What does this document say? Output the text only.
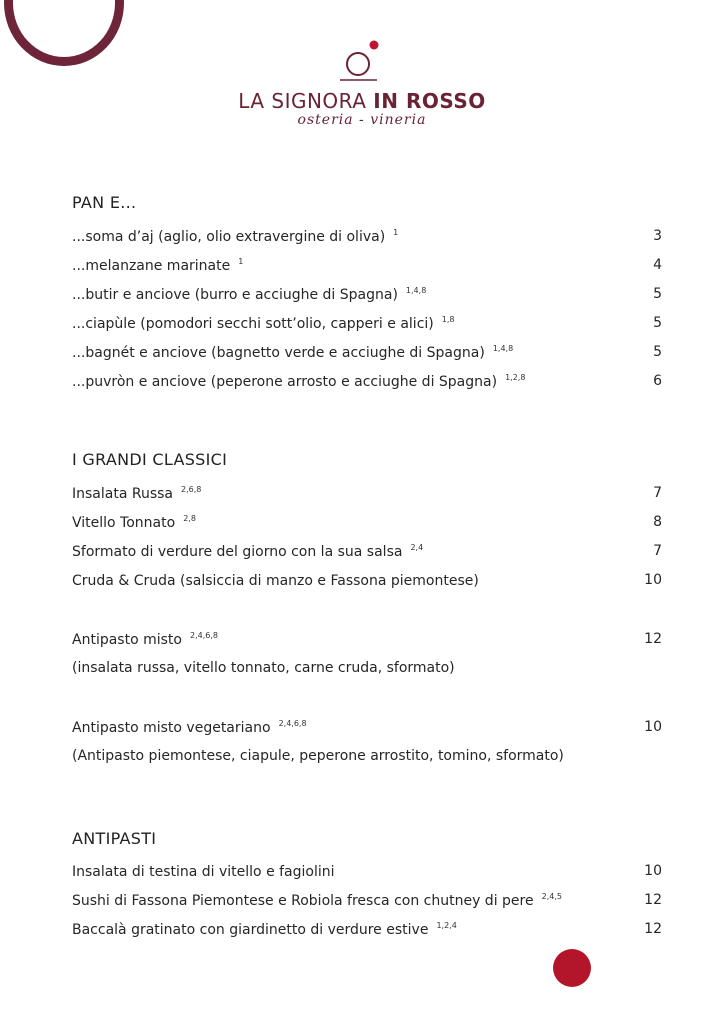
LA SIGNORA IN ROSSO
osteria - vineria
PAN E...
...soma d’aj (aglio, olio extravergine di oliva) $^1$	3
...melanzane marinate $^1$	4
...butir e anciove (burro e acciughe di Spagna) $^{1,4,8}$	5
...ciapùle (pomodori secchi sott’olio, capperi e alici) $^{1,8}$	5
...bagnét e anciove (bagnetto verde e acciughe di Spagna) $^{1,4,8}$	5
...puvròn e anciove (peperone arrosto e acciughe di Spagna) $^{1,2,8}$	6
I GRANDI CLASSICI
Insalata Russa $^{2,6,8}$	7
Vitello Tonnato $^{2,8}$	8
Sformato di verdure del giorno con la sua salsa $^{2,4}$	7
Cruda & Cruda (salsiccia di manzo e Fassona piemontese)	10
Antipasto misto $^{2,4,6,8}$	12
(insalata russa, vitello tonnato, carne cruda, sformato)
Antipasto misto vegetariano $^{2,4,6,8}$	10
(Antipasto piemontese, ciapule, peperone arrostito, tomino, sformato)
ANTIPASTI
Insalata di testina di vitello e fagiolini	10
Sushi di Fassona Piemontese e Robiola fresca con chutney di pere $^{2,4,5}$	12
Baccalà gratinato con giardinetto di verdure estive $^{1,2,4}$	12
